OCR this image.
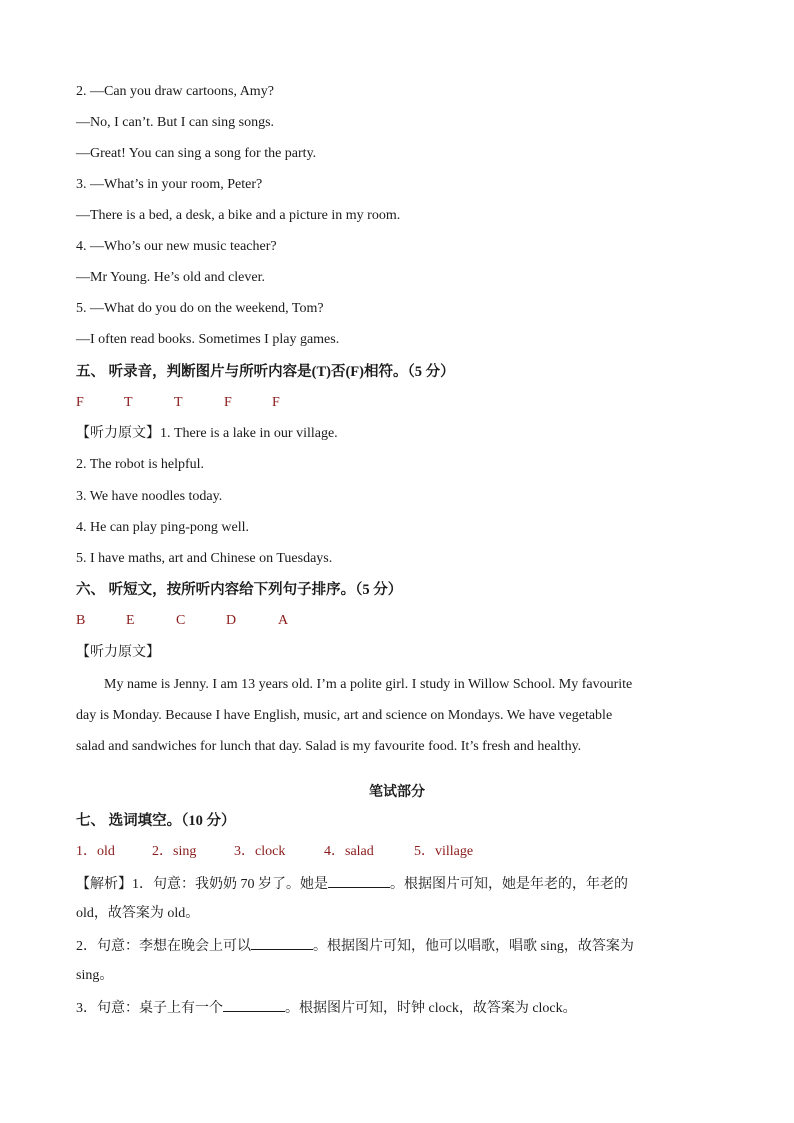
2. —Can you draw cartoons, Amy?
—No, I can’t. But I can sing songs.
—Great! You can sing a song for the party.
3. —What’s in your room, Peter?
—There is a bed, a desk, a bike and a picture in my room.
4. —Who’s our new music teacher?
—Mr Young. He’s old and clever.
5. —What do you do on the weekend, Tom?
—I often read books. Sometimes I play games.
五、 听录音，判断图片与所听内容是(T)否(F)相符。（5 分）
F	T	T	F	F
【听力原文】1. There is a lake in our village.
2. The robot is helpful.
3. We have noodles today.
4. He can play ping-pong well.
5. I have maths, art and Chinese on Tuesdays.
六、 听短文，按所听内容给下列句子排序。（5 分）
B	E	C	D	A
【听力原文】
My name is Jenny. I am 13 years old. I’m a polite girl. I study in Willow School. My favourite
day is Monday. Because I have English, music, art and science on Mondays. We have vegetable
salad and sandwiches for lunch that day. Salad is my favourite food. It’s fresh and healthy.
笔试部分
七、 选词填空。（10 分）
1．old	2．sing	3．clock	4．salad	5．village
【解析】1．句意：我奶奶 70 岁了。她是	。根据图片可知，她是年老的，年老的
old，故答案为 old。
2．句意：李想在晚会上可以	。根据图片可知，他可以唱歌，唱歌 sing，故答案为
sing。
3．句意：桌子上有一个	。根据图片可知，时钟 clock，故答案为 clock。
